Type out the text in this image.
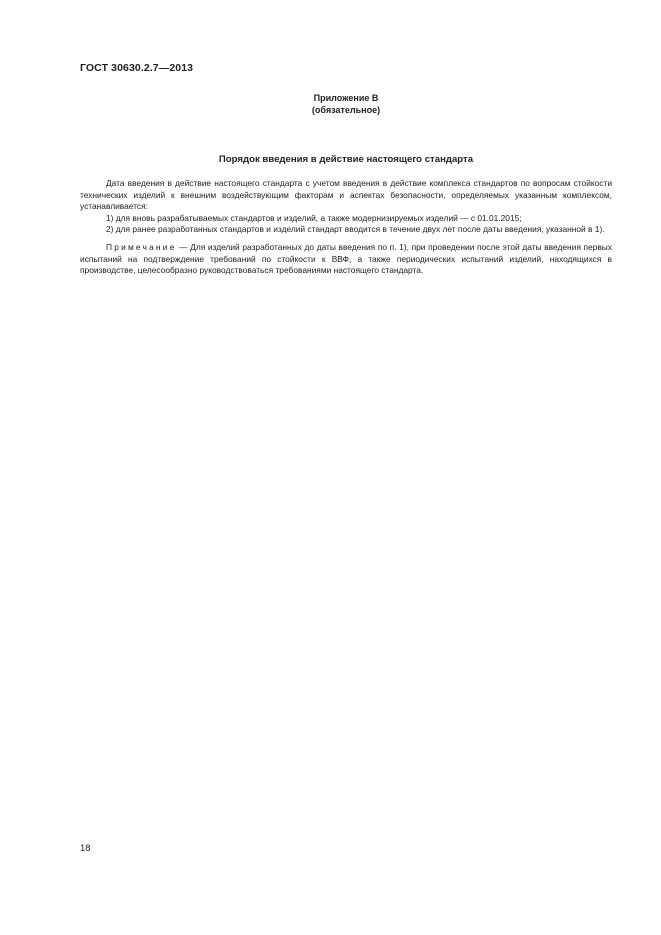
ГОСТ 30630.2.7—2013
Приложение В
(обязательное)
Порядок введения в действие настоящего стандарта

Дата введения в действие настоящего стандарта с учетом введения в действие комплекса стандартов по вопросам стойкости технических изделий к внешним воздействующим факторам и аспектах безопасности, определяемых указанным комплексом, устанавливается:

1) для вновь разрабатываемых стандартов и изделий, а также модернизируемых изделий — с 01.01.2015;

2) для ранее разработанных стандартов и изделий стандарт вводится в течение двух лет после даты введения, указанной в 1).

Примечание — Для изделий разработанных до даты введения по п. 1), при проведении после этой даты введения первых испытаний на подтверждение требований по стойкости к ВВФ, а также периодических испытаний изделий, находящихся в производстве, целесообразно руководствоваться требованиями настоящего стандарта.

18
